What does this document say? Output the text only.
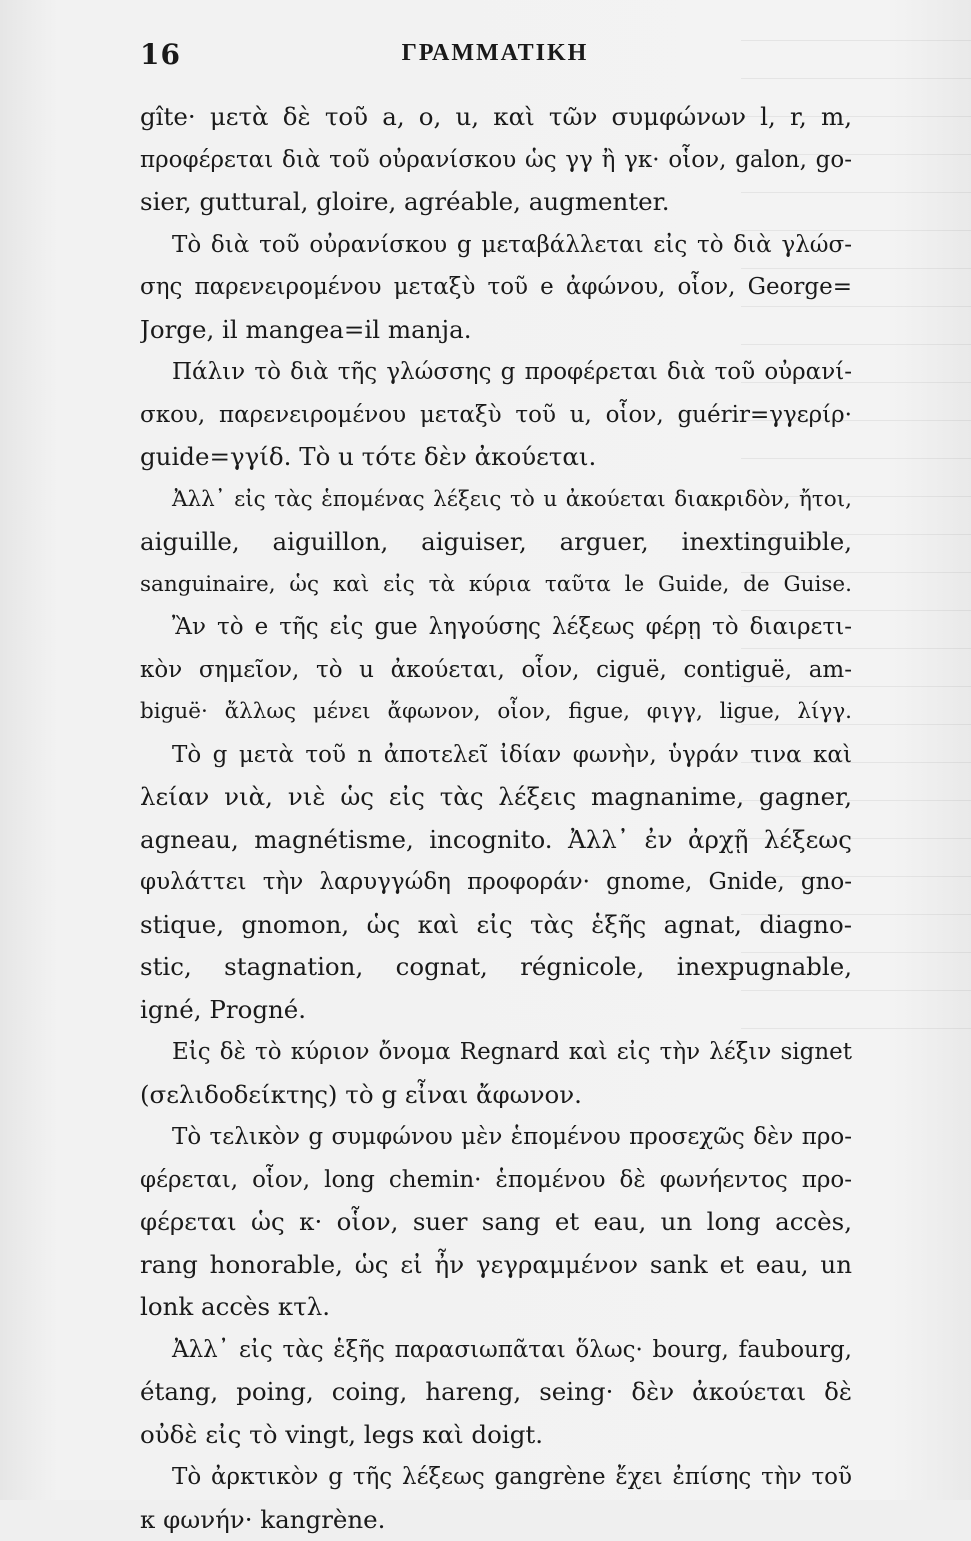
16	ΓΡΑΜΜΑΤΙΚΗ
gîte· μετὰ δὲ τοῦ a, o, u, καὶ τῶν συμφώνων l, r, m,
προφέρεται διὰ τοῦ οὐρανίσκου ὡς γγ ἢ γκ· οἷον, galon, go-
sier, guttural, gloire, agréable, augmenter.
Τὸ διὰ τοῦ οὐρανίσκου g μεταβάλλεται εἰς τὸ διὰ γλώσ-
σης παρενειρομένου μεταξὺ τοῦ e ἀφώνου, οἷον, George=
Jorge, il mangea=il manja.
Πάλιν τὸ διὰ τῆς γλώσσης g προφέρεται διὰ τοῦ οὐρανί-
σκου, παρενειρομένου μεταξὺ τοῦ u, οἷον, guérir=γγερίρ·
guide=γγίδ. Τὸ u τότε δὲν ἀκούεται.
Ἀλλ᾽ εἰς τὰς ἑπομένας λέξεις τὸ u ἀκούεται διακριδὸν, ἤτοι,
aiguille, aiguillon, aiguiser, arguer, inextinguible,
sanguinaire, ὡς καὶ εἰς τὰ κύρια ταῦτα le Guide, de Guise.
Ἂν τὸ e τῆς εἰς gue ληγούσης λέξεως φέρῃ τὸ διαιρετι-
κὸν σημεῖον, τὸ u ἀκούεται, οἷον, ciguë, contiguë, am-
biguë· ἄλλως μένει ἄφωνον, οἷον, figue, φιγγ, ligue, λίγγ.
Τὸ g μετὰ τοῦ n ἀποτελεῖ ἰδίαν φωνὴν, ὑγράν τινα καὶ
λείαν νιὰ, νιὲ ὡς εἰς τὰς λέξεις magnanime, gagner,
agneau, magnétisme, incognito. Ἀλλ᾽ ἐν ἀρχῇ λέξεως
φυλάττει τὴν λαρυγγώδη προφοράν· gnome, Gnide, gno-
stique, gnomon, ὡς καὶ εἰς τὰς ἑξῆς agnat, diagno-
stic, stagnation, cognat, régnicole, inexpugnable,
igné, Progné.
Εἰς δὲ τὸ κύριον ὄνομα Regnard καὶ εἰς τὴν λέξιν signet
(σελιδοδείκτης) τὸ g εἶναι ἄφωνον.
Τὸ τελικὸν g συμφώνου μὲν ἑπομένου προσεχῶς δὲν προ-
φέρεται, οἷον, long chemin· ἑπομένου δὲ φωνήεντος προ-
φέρεται ὡς κ· οἷον, suer sang et eau, un long accès,
rang honorable, ὡς εἰ ἦν γεγραμμένον sank et eau, un
lonk accès κτλ.
Ἀλλ᾽ εἰς τὰς ἑξῆς παρασιωπᾶται ὅλως· bourg, faubourg,
étang, poing, coing, hareng, seing· δὲν ἀκούεται δὲ
οὐδὲ εἰς τὸ vingt, legs καὶ doigt.
Τὸ ἀρκτικὸν g τῆς λέξεως gangrène ἔχει ἐπίσης τὴν τοῦ
κ φωνήν· kangrène.
